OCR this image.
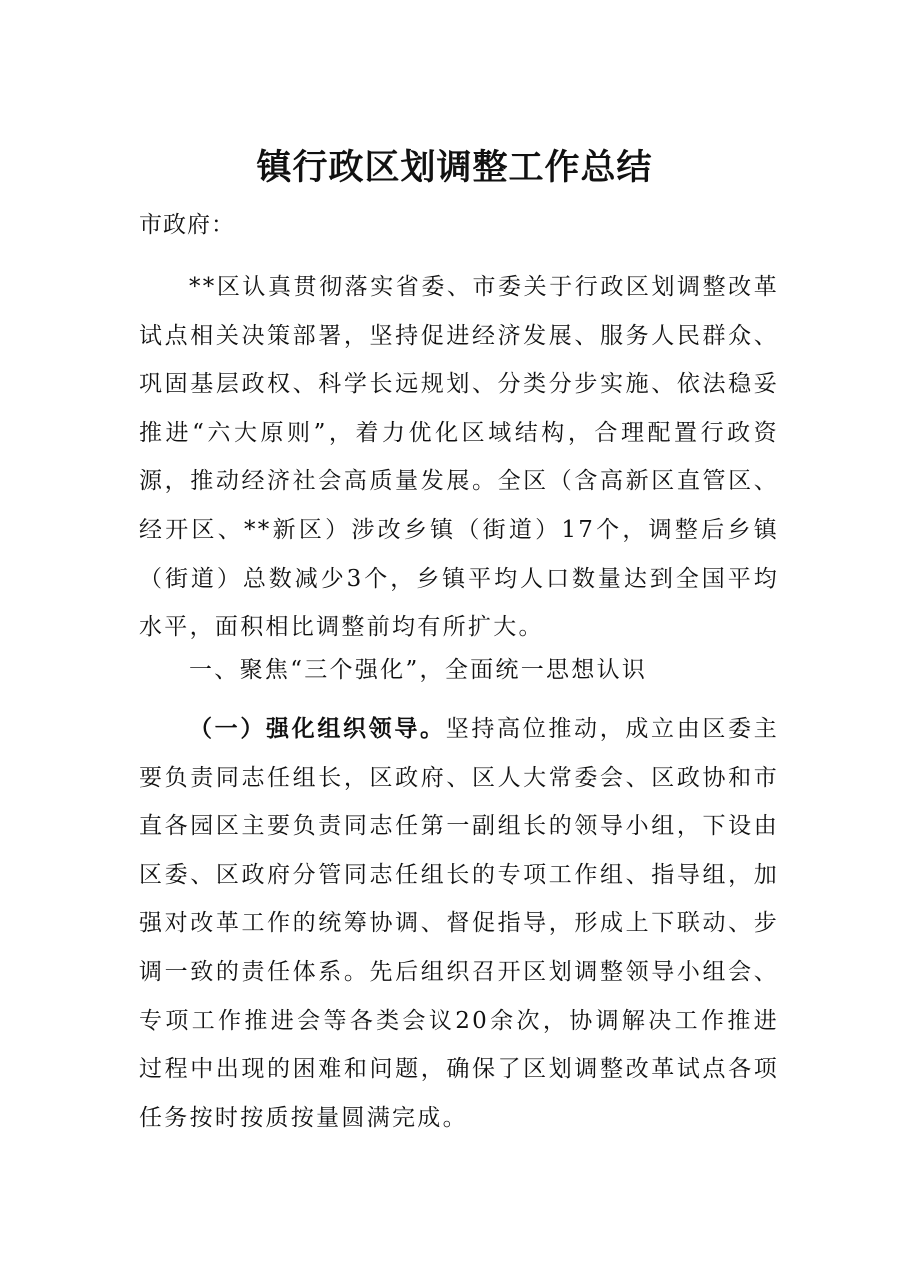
镇行政区划调整工作总结
市政府：

**区认真贯彻落实省委、市委关于行政区划调整改革试点相关决策部署，坚持促进经济发展、服务人民群众、巩固基层政权、科学长远规划、分类分步实施、依法稳妥推进“六大原则”，着力优化区域结构，合理配置行政资源，推动经济社会高质量发展。全区（含高新区直管区、经开区、**新区）涉改乡镇（街道）17个，调整后乡镇（街道）总数减少3个，乡镇平均人口数量达到全国平均水平，面积相比调整前均有所扩大。

一、聚焦“三个强化”，全面统一思想认识

（一）强化组织领导。坚持高位推动，成立由区委主要负责同志任组长，区政府、区人大常委会、区政协和市直各园区主要负责同志任第一副组长的领导小组，下设由区委、区政府分管同志任组长的专项工作组、指导组，加强对改革工作的统筹协调、督促指导，形成上下联动、步调一致的责任体系。先后组织召开区划调整领导小组会、专项工作推进会等各类会议20余次，协调解决工作推进过程中出现的困难和问题，确保了区划调整改革试点各项任务按时按质按量圆满完成。
